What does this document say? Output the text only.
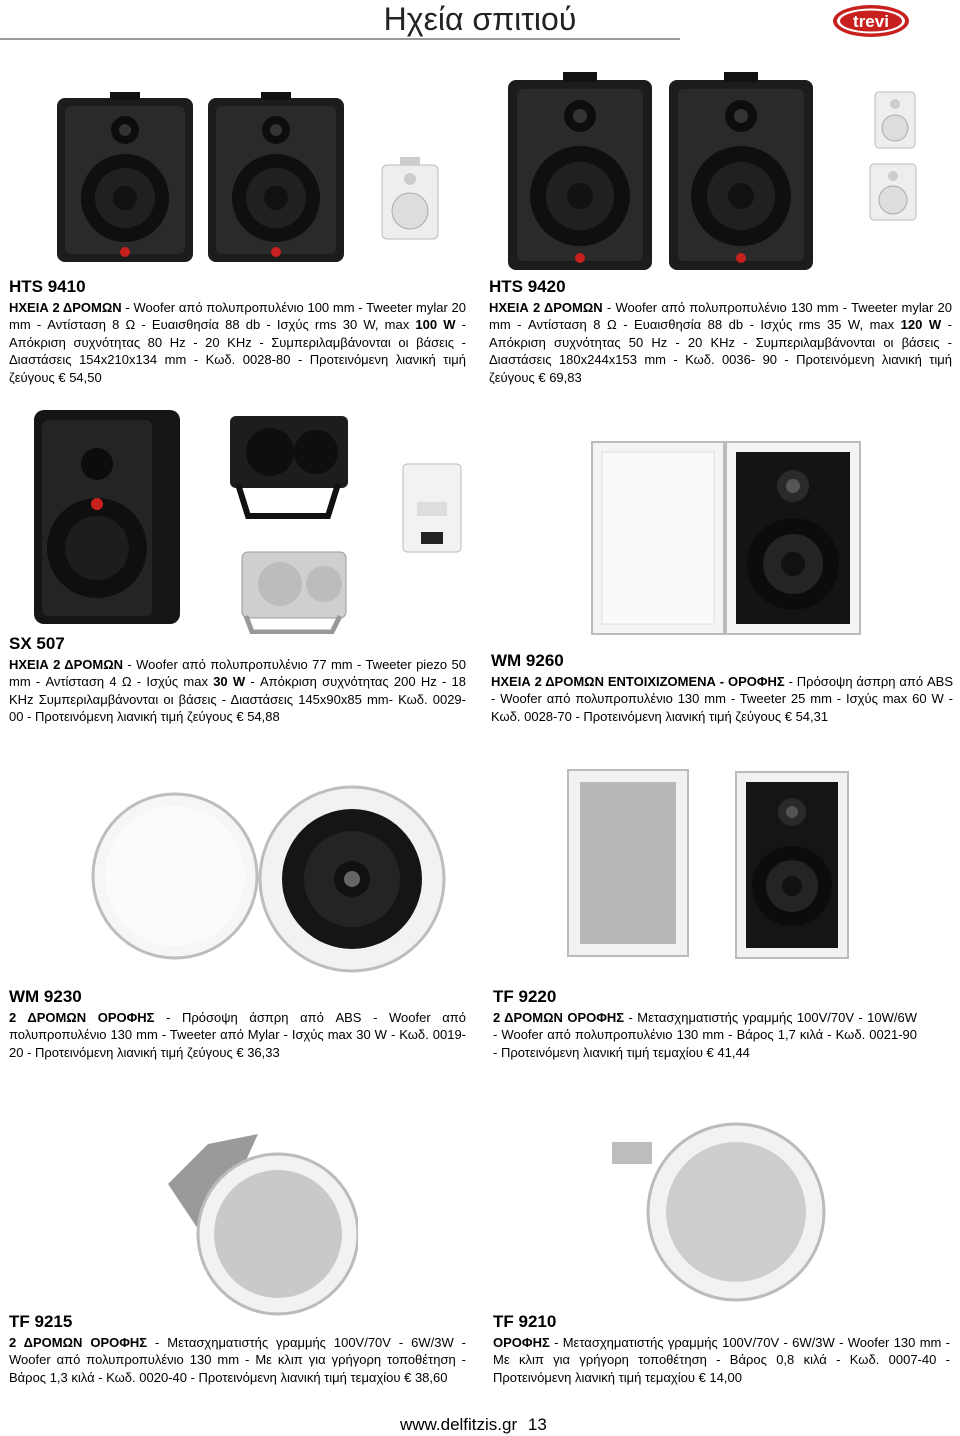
Ηχεία σπιτιού	trevi
HTS 9410
ΗΧΕΙΑ 2 ΔΡΟΜΩΝ - Woofer από πολυπροπυλένιο 100 mm - Tweeter mylar 20 mm - Αντίσταση 8 Ω - Ευαισθησία 88 db - Ισχύς rms 30 W, max 100 W - Απόκριση συχνότητας 80 Hz - 20 KHz - Συμπεριλαμβάνονται οι βάσεις - Διαστάσεις 154x210x134 mm - Κωδ. 0028-80 - Προτεινόμενη λιανική τιμή ζεύγους € 54,50
HTS 9420
ΗΧΕΙΑ 2 ΔΡΟΜΩΝ - Woofer από πολυπροπυλένιο 130 mm - Tweeter mylar 20 mm - Αντίσταση 8 Ω - Ευαισθησία 88 db - Ισχύς rms 35 W, max 120 W - Απόκριση συχνότητας 50 Hz - 20 KHz - Συμπεριλαμβάνονται οι βάσεις - Διαστάσεις 180x244x153 mm - Κωδ. 0036- 90 - Προτεινόμενη λιανική τιμή ζεύγους € 69,83
SX 507
ΗΧΕΙΑ 2 ΔΡΟΜΩΝ - Woofer από πολυπροπυλένιο 77 mm - Tweeter piezo 50 mm - Αντίσταση 4 Ω - Ισχύς max 30 W - Απόκριση συχνότητας 200 Hz - 18 KHz Συμπεριλαμβάνονται οι βάσεις - Διαστάσεις 145x90x85 mm- Κωδ. 0029-00 - Προτεινόμενη λιανική τιμή ζεύγους € 54,88
WM 9260
ΗΧΕΙΑ 2 ΔΡΟΜΩΝ ΕΝΤΟΙΧΙΖΟΜΕΝΑ - ΟΡΟΦΗΣ - Πρόσοψη άσπρη από ABS - Woofer από πολυπροπυλένιο 130 mm - Tweeter 25 mm - Ισχύς max 60 W - Κωδ. 0028-70 - Προτεινόμενη λιανική τιμή ζεύγους € 54,31
WM 9230
2 ΔΡΟΜΩΝ ΟΡΟΦΗΣ - Πρόσοψη άσπρη από ABS - Woofer από πολυπροπυλένιο 130 mm - Tweeter από Mylar - Ισχύς max 30 W - Κωδ. 0019-20 - Προτεινόμενη λιανική τιμή ζεύγους € 36,33
TF 9220
2 ΔΡΟΜΩΝ ΟΡΟΦΗΣ - Μετασχηματιστής γραμμής 100V/70V - 10W/6W - Woofer από πολυπροπυλένιο 130 mm - Βάρος 1,7 κιλά - Κωδ. 0021-90 - Προτεινόμενη λιανική τιμή τεμαχίου € 41,44
TF 9215
2 ΔΡΟΜΩΝ ΟΡΟΦΗΣ - Μετασχηματιστής γραμμής 100V/70V - 6W/3W - Woofer από πολυπροπυλένιο 130 mm - Με κλιπ για γρήγορη τοποθέτηση - Βάρος 1,3 κιλά - Κωδ. 0020-40 - Προτεινόμενη λιανική τιμή τεμαχίου € 38,60
TF 9210
ΟΡΟΦΗΣ - Μετασχηματιστής γραμμής 100V/70V - 6W/3W - Woofer 130 mm - Με κλιπ για γρήγορη τοποθέτηση - Βάρος 0,8 κιλά - Κωδ. 0007-40 - Προτεινόμενη λιανική τιμή τεμαχίου € 14,00
www.delfitzis.gr 13
